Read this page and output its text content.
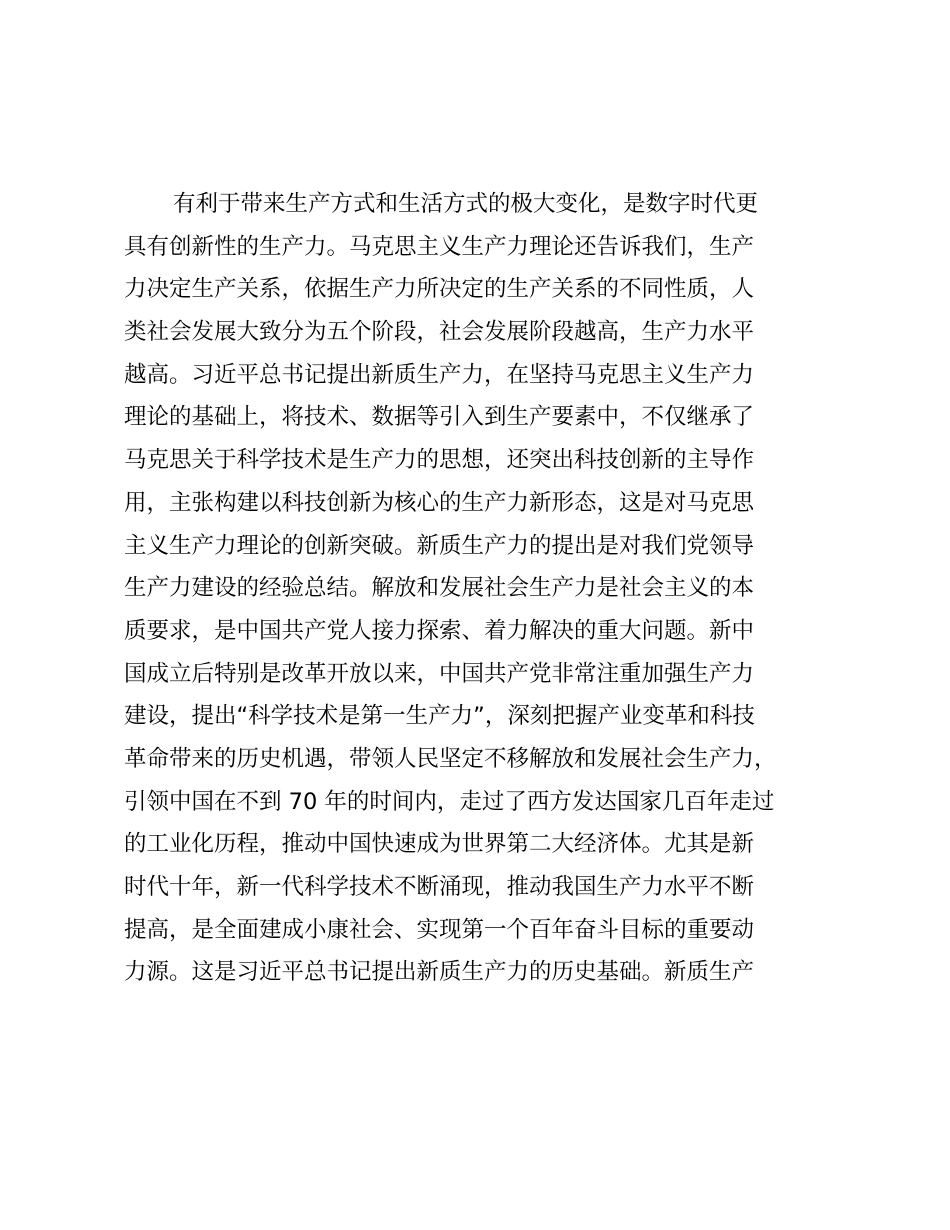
有利于带来生产方式和生活方式的极大变化，是数字时代更
具有创新性的生产力。马克思主义生产力理论还告诉我们，生产
力决定生产关系，依据生产力所决定的生产关系的不同性质，人
类社会发展大致分为五个阶段，社会发展阶段越高，生产力水平
越高。习近平总书记提出新质生产力，在坚持马克思主义生产力
理论的基础上，将技术、数据等引入到生产要素中，不仅继承了
马克思关于科学技术是生产力的思想，还突出科技创新的主导作
用，主张构建以科技创新为核心的生产力新形态，这是对马克思
主义生产力理论的创新突破。新质生产力的提出是对我们党领导
生产力建设的经验总结。解放和发展社会生产力是社会主义的本
质要求，是中国共产党人接力探索、着力解决的重大问题。新中
国成立后特别是改革开放以来，中国共产党非常注重加强生产力
建设，提出“科学技术是第一生产力”，深刻把握产业变革和科技
革命带来的历史机遇，带领人民坚定不移解放和发展社会生产力，
引领中国在不到 70 年的时间内，走过了西方发达国家几百年走过
的工业化历程，推动中国快速成为世界第二大经济体。尤其是新
时代十年，新一代科学技术不断涌现，推动我国生产力水平不断
提高，是全面建成小康社会、实现第一个百年奋斗目标的重要动
力源。这是习近平总书记提出新质生产力的历史基础。新质生产
